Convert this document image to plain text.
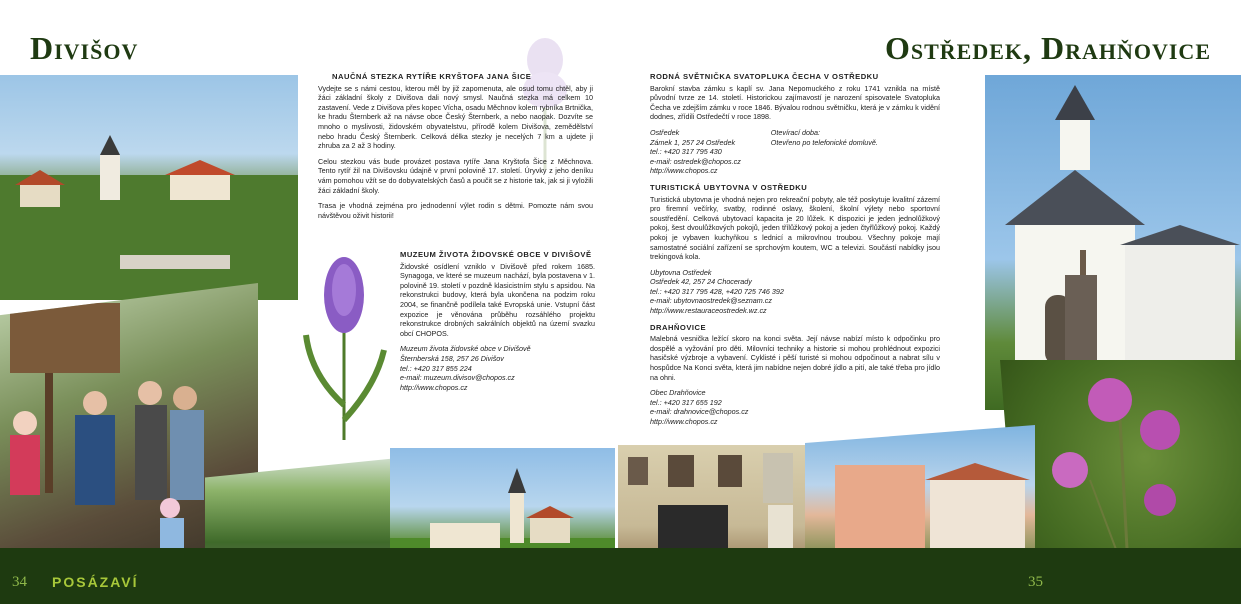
Divišov	Ostředek, Drahňovice
NAUČNÁ STEZKA RYTÍŘE KRYŠTOFA JANA ŠICE

Vydejte se s námi cestou, kterou měl by již zapomenuta, ale osud tomu chtěl, aby ji žáci základní školy z Divišova dali nový smysl. Naučná stezka má celkem 10 zastavení. Vede z Divišova přes kopec Vícha, osadu Měchnov kolem rybníka Brtnička, ke hradu Šternberk až na návse obce Český Šternberk, a nebo naopak. Dozvíte se mnoho o myslivosti, židovském obyvatelstvu, přírodě kolem Divišova, zemědělství nebo hradu Český Šternberk. Celková délka stezky je necelých 7 km a ujdete ji zhruba za 2 až 3 hodiny.

Celou stezkou vás bude provázet postava rytíře Jana Kryštofa Šice z Měchnova. Tento rytíř žil na Divišovsku údajně v první polovině 17. století. Úryvky z jeho deníku vám pomohou vžít se do dobyvatelských časů a poučit se z historie tak, jak si ji vyložili žáci základní školy.

Trasa je vhodná zejména pro jednodenní výlet rodin s dětmi. Pomozte nám svou návštěvou oživit historii!

MUZEUM ŽIVOTA ŽIDOVSKÉ OBCE V DIVIŠOVĚ

Židovské osídlení vzniklo v Divišově před rokem 1685. Synagoga, ve které se muzeum nachází, byla postavena v 1. polovině 19. století v pozdně klasicistním stylu s apsidou. Na rekonstrukci budovy, která byla ukončena na podzim roku 2004, se finančně podílela také Evropská unie. Vstupní část expozice je věnována průběhu rozsáhlého projektu rekonstrukce drobných sakrálních objektů na území svazku obcí CHOPOS.

Muzeum života židovské obce v Divišově
Šternberská 158, 257 26 Divišov
tel.: +420 317 855 224
e-mail: muzeum.divisov@chopos.cz
http://www.chopos.cz
RODNÁ SVĚTNIČKA SVATOPLUKA ČECHA V OSTŘEDKU

Barokní stavba zámku s kaplí sv. Jana Nepomuckého z roku 1741 vznikla na místě původní tvrze ze 14. století. Historickou zajímavostí je narození spisovatele Svatopluka Čecha ve zdejším zámku v roce 1846. Bývalou rodnou světničku, která je v zámku k vidění dodnes, zřídili Ostředečtí v roce 1898.

Ostředek
Zámek 1, 257 24 Ostředek
tel.: +420 317 795 430
e-mail: ostredek@chopos.cz
http://www.chopos.cz
Otevírací doba:
Otevřeno po telefonické domluvě.
TURISTICKÁ UBYTOVNA V OSTŘEDKU

Turistická ubytovna je vhodná nejen pro rekreační pobyty, ale též poskytuje kvalitní zázemí pro firemní večírky, svatby, rodinné oslavy, školení, školní výlety nebo sportovní soustředění. Celková ubytovací kapacita je 20 lůžek. K dispozici je jeden jednolůžkový pokoj, šest dvoulůžkových pokojů, jeden třílůžkový pokoj a jeden čtyřlůžkový pokoj. Každý pokoj je vybaven kuchyňkou s lednicí a mikrovlnou troubou. Všechny pokoje mají samostatné sociální zařízení se sprchovým koutem, WC a televizi. Součástí nabídky jsou trekingová kola.

Ubytovna Ostředek
Ostředek 42, 257 24 Chocerady
tel.: +420 317 795 428, +420 725 746 392
e-mail: ubytovnaostredek@seznam.cz
http://www.restauraceostredek.wz.cz
DRAHŇOVICE

Malebná vesnička ležící skoro na konci světa. Její návse nabízí místo k odpočinku pro dospělé a vyžování pro děti. Milovníci techniky a historie si mohou prohlédnout expozici hasičské výzbroje a vybavení. Cyklisté i pěší turisté si mohou odpočinout a nabrat sílu v hospůdce Na Konci světa, která jim nabídne nejen dobré jídlo a pití, ale také třeba pro jídlo na ohni.

Obec Drahňovice
tel.: +420 317 655 192
e-mail: drahnovice@chopos.cz
http://www.chopos.cz
34 POSÁZAVÍ	35
